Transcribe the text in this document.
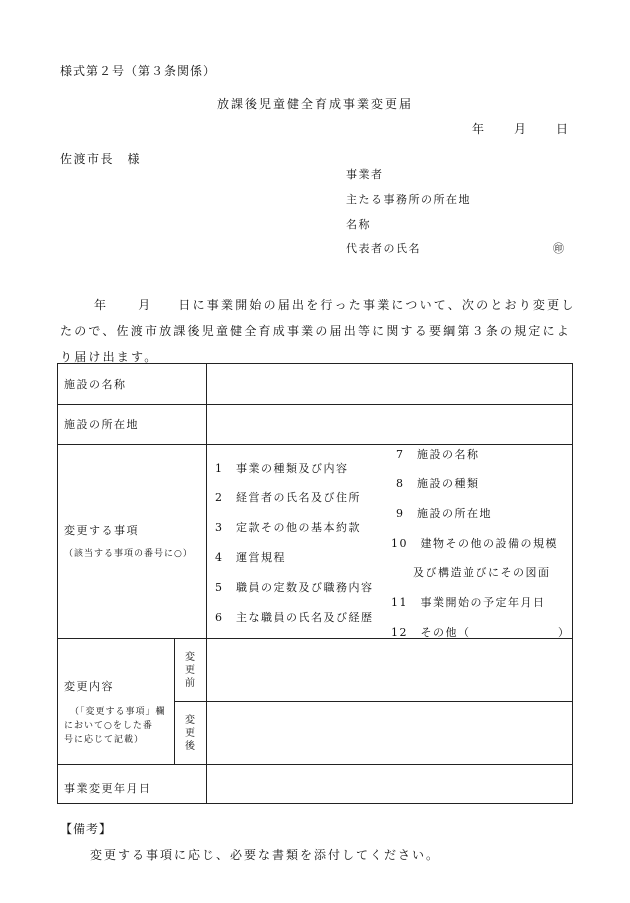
様式第２号（第３条関係）
放課後児童健全育成事業変更届
年 月 日
佐渡市長　様
事業者
主たる事務所の所在地
名称
代表者の氏名	㊞
年	月 日に事業開始の届出を行った事業について、次のとおり変更したので、佐渡市放課後児童健全育成事業の届出等に関する要綱第３条の規定により届け出ます。
施設の名称
施設の所在地
変更する事項
（該当する事項の番号に○）
1　事業の種類及び内容
2　経営者の氏名及び住所
3　定款その他の基本約款
4　運営規程
5　職員の定数及び職務内容
6　主な職員の氏名及び経歴
7　施設の名称
8　施設の種類
9　施設の所在地
10　建物その他の設備の規模
及び構造並びにその図面
11　事業開始の予定年月日
12　その他（　　　　　　　）
変更内容
（「変更する事項」欄
において○をした番
号に応じて記載）
変更前
変更後
事業変更年月日
【備考】
変更する事項に応じ、必要な書類を添付してください。
